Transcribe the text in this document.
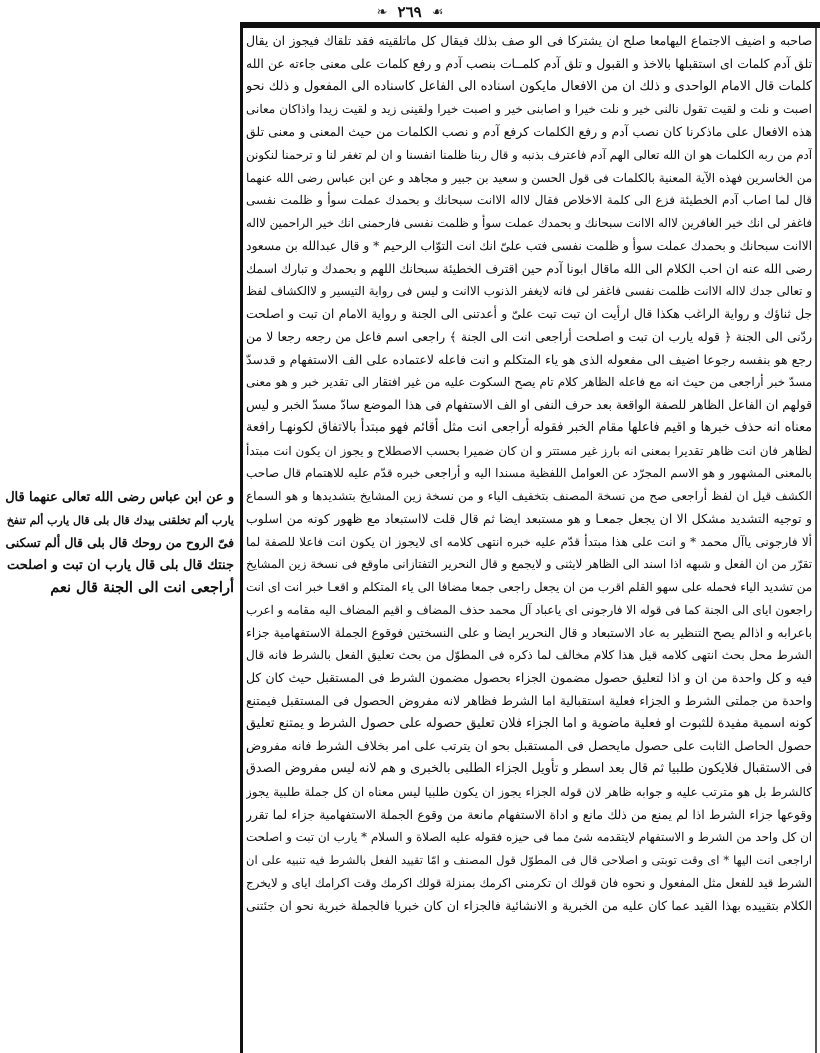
❧ ٢٦٩ ☙

صاحبه و اضيف الاجتماع اليهامعا صلح ان يشتركا فى الو صف بذلك فيقال كل ماتلقيته فقد تلقاك فيجوز ان يقال

تلق آدم كلمات اى استقبلها بالاخذ و القبول و تلق آدم كلمــات بنصب آدم و رفع كلمات على معنى جاءته عن الله

كلمات قال الامام الواحدى و ذلك ان من الافعال مايكون اسناده الى الفاعل كاسناده الى المفعول و ذلك نحو

اصبت و نلت و لقيت تقول نالنى خير و نلت خيرا و اصابنى خير و اصبت خيرا ولقينى زيد و لقيت زيدا واذاكان معانى

هذه الافعال على ماذكرنا كان نصب آدم و رفع الكلمات كرفع آدم و نصب الكلمات من حيث المعنى و معنى تلق

آدم من ربه الكلمات هو ان الله تعالى الهم آدم فاعترف بذنبه و قال ربنا ظلمنا انفسنا و ان لم تغفر لنا و ترحمنا لنكونن

من الخاسرين فهذه الآية المعنية بالكلمات فى قول الحسن و سعيد بن جبير و مجاهد و عن ابن عباس رضى الله عنهما

قال لما اصاب آدم الخطيئة فزع الى كلمة الاخلاص فقال لااله الاانت سبحانك و بحمدك عملت سوأ و ظلمت نفسى

فاغفر لى انك خير الغافرين لااله الاانت سبحانك و بحمدك عملت سوأ و ظلمت نفسى فارحمنى انك خير الراحمين لااله

الاانت سبحانك و بحمدك عملت سوأ و ظلمت نفسى فتب علىّ انك انت التوّاب الرحيم * و قال عبدالله بن مسعود

رضى الله عنه ان احب الكلام الى الله ماقال ابونا آدم حين اقترف الخطيئة سبحانك اللهم و بحمدك و تبارك اسمك

و تعالى جدك لااله الاانت ظلمت نفسى فاغفر لى فانه لايغفر الذنوب الاانت و ليس فى رواية التيسير و لاالكشاف لفظ

جل ثناؤك و رواية الراغب هكذا قال ارأيت ان تبت تبت علىّ و أعدتنى الى الجنة و رواية الامام ان تبت و اصلحت

ردّنى الى الجنة ﴿ قوله يارب ان تبت و اصلحت أراجعى انت الى الجنة ﴾ راجعى اسم فاعل من رجعه رجعا لا من

رجع هو بنفسه رجوعا اضيف الى مفعوله الذى هو ياء المتكلم و انت فاعله لاعتماده على الف الاستفهام و قدسدّ

مسدّ خبر أراجعى من حيث انه مع فاعله الظاهر كلام تام يصح السكوت عليه من غير افتقار الى تقدير خبر و هو معنى

قولهم ان الفاعل الظاهر للصفة الواقعة بعد حرف النفى او الف الاستفهام فى هذا الموضع سادّ مسدّ الخبر و ليس

معناه انه حذف خبرها و اقيم فاعلها مقام الخبر فقوله أراجعى انت مثل أقائم فهو مبتدأ بالاتفاق لكونهـا رافعة

لظاهر فان انت ظاهر تقديرا بمعنى انه بارز غير مستتر و ان كان ضميرا بحسب الاصطلاح و يجوز ان يكون انت مبتدأ

بالمعنى المشهور و هو الاسم المجرّد عن العوامل اللفظية مسندا اليه و أراجعى خبره قدّم عليه للاهتمام قال صاحب

الكشف قيل ان لفظ أراجعى صح من نسخة المصنف بتخفيف الياء و من نسخة زين المشايخ بتشديدها و هو السماع

و توجيه التشديد مشكل الا ان يجعل جمعـا و هو مستبعد ايضا ثم قال قلت لااستبعاد مع ظهور كونه من اسلوب

ألا فارجونى ياآل محمد * و انت على هذا مبتدأ قدّم عليه خبره انتهى كلامه اى لايجوز ان يكون انت فاعلا للصفة لما

تقرّر من ان الفعل و شبهه اذا اسند الى الظاهر لايثنى و لايجمع و قال النحرير التفتازانى ماوقع فى نسخة زين المشايخ

من تشديد الياء فحمله على سهو القلم اقرب من ان يجعل راجعى جمعا مضافا الى ياء المتكلم و اقعـا خبر انت اى انت

راجعون اياى الى الجنة كما فى قوله الا فارجونى اى ياعباد آل محمد حذف المضاف و اقيم المضاف اليه مقامه و اعرب

باعرابه و اذالم يصح التنظير به عاد الاستبعاد و قال النحرير ايضا و على النسختين فوقوع الجملة الاستفهامية جزاء

الشرط محل بحث انتهى كلامه قيل هذا كلام مخالف لما ذكره فى المطوّل من بحث تعليق الفعل بالشرط فانه قال

فيه و كل واحدة من ان و اذا لتعليق حصول مضمون الجزاء بحصول مضمون الشرط فى المستقبل حيث كان كل

واحدة من جملتى الشرط و الجزاء فعلية استقبالية اما الشرط فظاهر لانه مفروض الحصول فى المستقبل فيمتنع

كونه اسمية مفيدة للثبوت او فعلية ماضوية و اما الجزاء فلان تعليق حصوله على حصول الشرط و يمتنع تعليق

حصول الحاصل الثابت على حصول مايحصل فى المستقبل بحو ان يترتب على امر بخلاف الشرط فانه مفروض

فى الاستقبال فلايكون طلبيا ثم قال بعد اسطر و تأويل الجزاء الطلبى بالخبرى و هم لانه ليس مفروض الصدق

كالشرط بل هو مترتب عليه و جوابه ظاهر لان قوله الجزاء يجوز ان يكون طلبيا ليس معناه ان كل جملة طلبية يجوز

وقوعها جزاء الشرط اذا لم يمنع من ذلك مانع و اداة الاستفهام مانعة من وقوع الجملة الاستفهامية جزاء لما تقرر

ان كل واحد من الشرط و الاستفهام لايتقدمه شئ مما فى حيزه فقوله عليه الصلاة و السلام * يارب ان تبت و اصلحت

اراجعى انت اليها * اى وقت توبتى و اصلاحى قال فى المطوّل قول المصنف و امّا تقييد الفعل بالشرط فيه تنبيه على ان

الشرط قيد للفعل مثل المفعول و نحوه فان قولك ان تكرمنى اكرمك بمنزلة قولك اكرمك وقت اكرامك اياى و لايخرج

الكلام بتقييده بهذا القيد عما كان عليه من الخبرية و الانشائية فالجزاء ان كان خبريا فالجملة خبرية نحو ان جئتنى

و عن ابن عباس رضى الله تعالى عنهما قال

يارب ألم تخلقنى بيدك قال بلى قال يارب ألم تنفخ

فىّ الروح من روحك قال بلى قال ألم تسكنى

جنتك قال بلى قال يارب ان تبت و اصلحت

أراجعى انت الى الجنة قال نعم
